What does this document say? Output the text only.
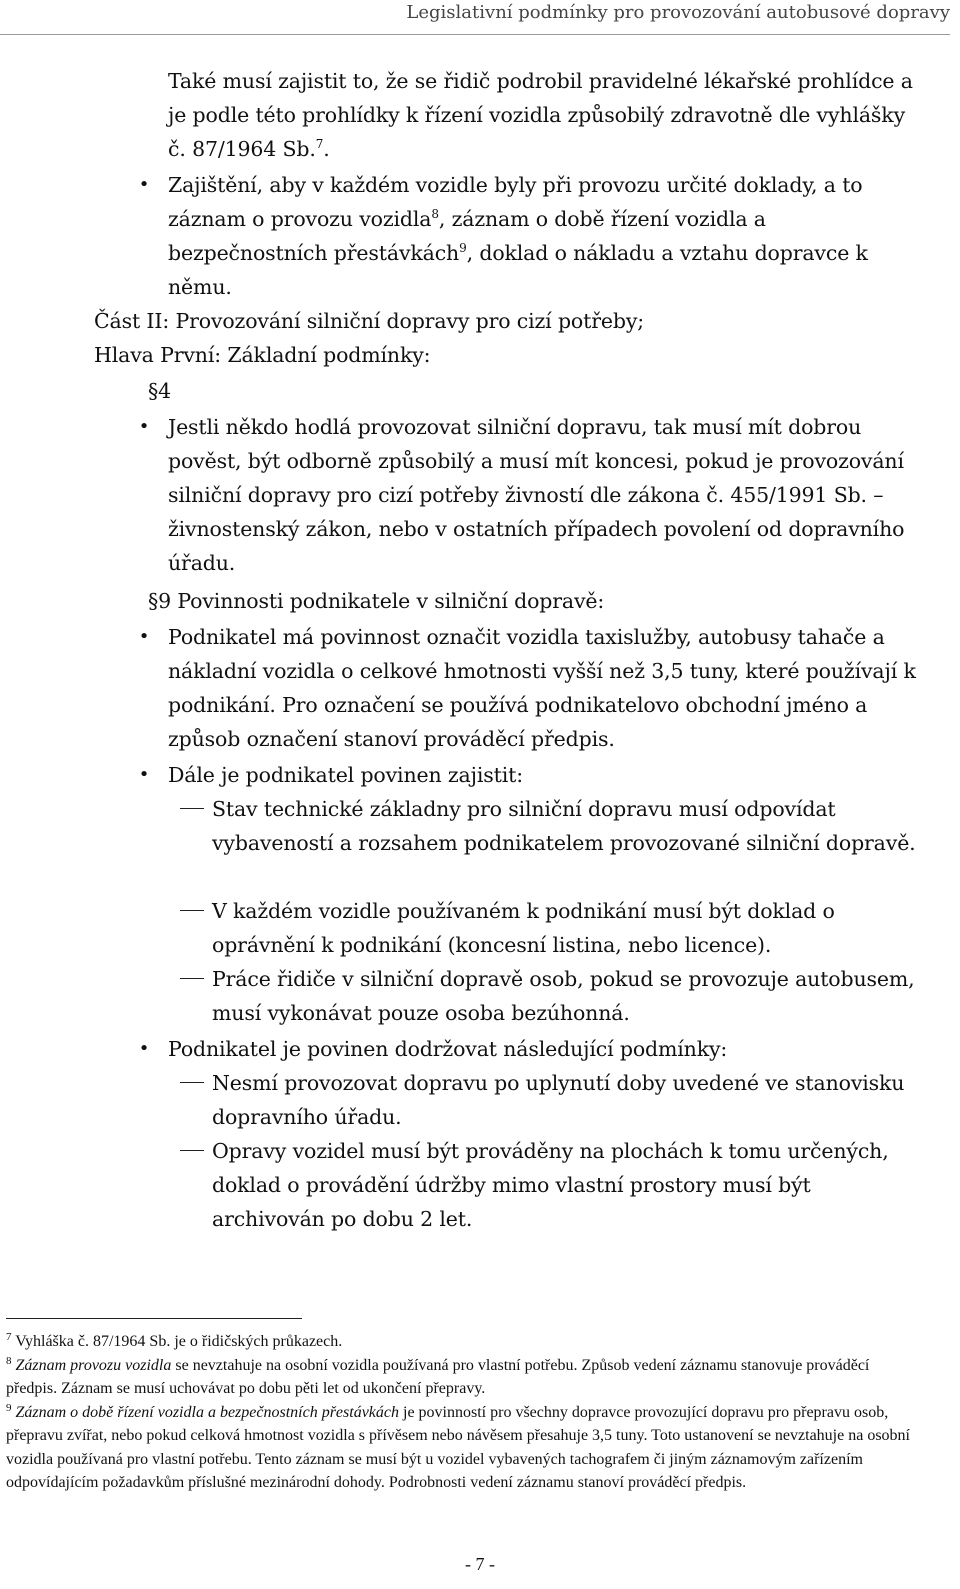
Legislativní podmínky pro provozování autobusové dopravy
Také musí zajistit to, že se řidič podrobil pravidelné lékařské prohlídce a je podle této prohlídky k řízení vozidla způsobilý zdravotně dle vyhlášky č. 87/1964 Sb.$^7$.
• Zajištění, aby v každém vozidle byly při provozu určité doklady, a to záznam o provozu vozidla$^8$, záznam o době řízení vozidla a bezpečnostních přestávkách$^9$, doklad o nákladu a vztahu dopravce k němu.
Část II: Provozování silniční dopravy pro cizí potřeby;
Hlava První: Základní podmínky:
§4
• Jestli někdo hodlá provozovat silniční dopravu, tak musí mít dobrou pověst, být odborně způsobilý a musí mít koncesi, pokud je provozování silniční dopravy pro cizí potřeby živností dle zákona č. 455/1991 Sb. – živnostenský zákon, nebo v ostatních případech povolení od dopravního úřadu.
§9 Povinnosti podnikatele v silniční dopravě:
• Podnikatel má povinnost označit vozidla taxislužby, autobusy tahače a nákladní vozidla o celkové hmotnosti vyšší než 3,5 tuny, které používají k podnikání. Pro označení se používá podnikatelovo obchodní jméno a způsob označení stanoví prováděcí předpis.
• Dále je podnikatel povinen zajistit:
Stav technické základny pro silniční dopravu musí odpovídat vybaveností a rozsahem podnikatelem provozované silniční dopravě.
V každém vozidle používaném k podnikání musí být doklad o oprávnění k podnikání (koncesní listina, nebo licence).
Práce řidiče v silniční dopravě osob, pokud se provozuje autobusem, musí vykonávat pouze osoba bezúhonná.
• Podnikatel je povinen dodržovat následující podmínky:
Nesmí provozovat dopravu po uplynutí doby uvedené ve stanovisku dopravního úřadu.
Opravy vozidel musí být prováděny na plochách k tomu určených, doklad o provádění údržby mimo vlastní prostory musí být archivován po dobu 2 let.
$^7$ Vyhláška č. 87/1964 Sb. je o řidičských průkazech.
$^8$ Záznam provozu vozidla se nevztahuje na osobní vozidla používaná pro vlastní potřebu. Způsob vedení záznamu stanovuje prováděcí předpis. Záznam se musí uchovávat po dobu pěti let od ukončení přepravy.
$^9$ Záznam o době řízení vozidla a bezpečnostních přestávkách je povinností pro všechny dopravce provozující dopravu pro přepravu osob, přepravu zvířat, nebo pokud celková hmotnost vozidla s přívěsem nebo návěsem přesahuje 3,5 tuny. Toto ustanovení se nevztahuje na osobní vozidla používaná pro vlastní potřebu. Tento záznam se musí být u vozidel vybavených tachografem či jiným záznamovým zařízením odpovídajícím požadavkům příslušné mezinárodní dohody. Podrobnosti vedení záznamu stanoví prováděcí předpis.
- 7 -
